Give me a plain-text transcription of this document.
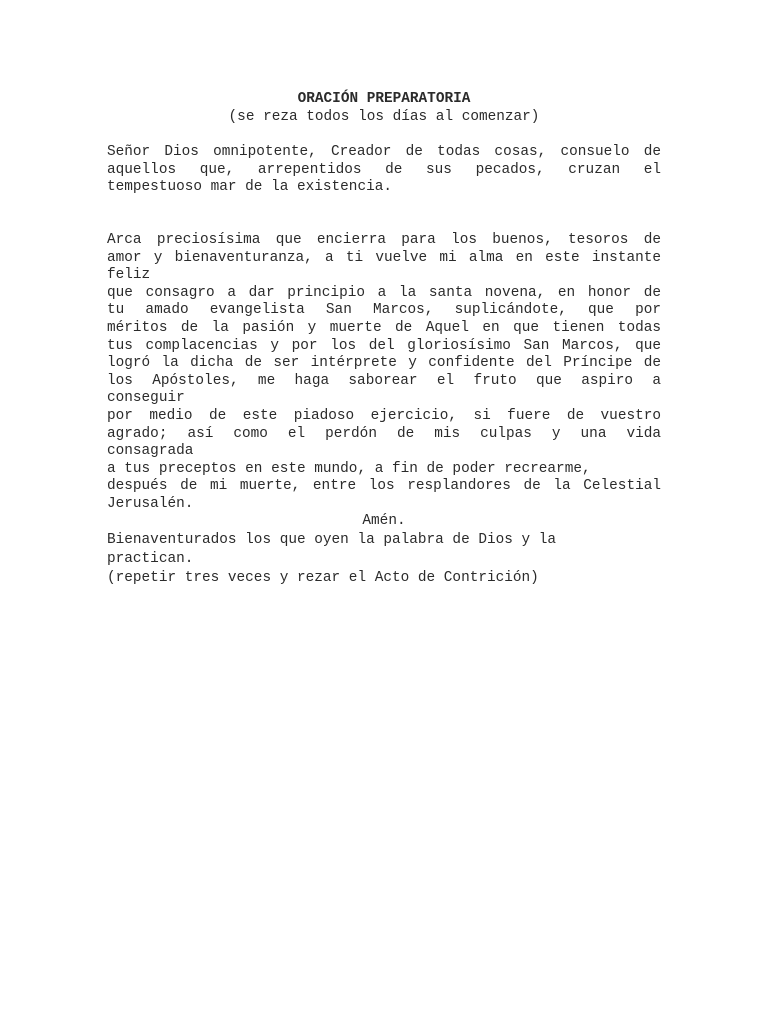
ORACIÓN PREPARATORIA

(se reza todos los días al comenzar)

Señor Dios omnipotente, Creador de todas cosas, consuelo de
aquellos que, arrepentidos de sus pecados, cruzan el
tempestuoso mar de la existencia.
Arca preciosísima que encierra para los buenos, tesoros de
amor y bienaventuranza, a ti vuelve mi alma en este instante
feliz
que consagro a dar principio a la santa novena, en honor de
tu amado evangelista San Marcos, suplicándote, que por
méritos de la pasión y muerte de Aquel en que tienen todas
tus complacencias y por los del gloriosísimo San Marcos, que
logró la dicha de ser intérprete y confidente del Príncipe de
los Apóstoles, me haga saborear el fruto que aspiro a
conseguir
por medio de este piadoso ejercicio, si fuere de vuestro
agrado; así como el perdón de mis culpas y una vida
consagrada
a tus preceptos en este mundo, a fin de poder recrearme,
después de mi muerte, entre los resplandores de la Celestial
Jerusalén.
Amén.
Bienaventurados los que oyen la palabra de Dios y la
practican.
(repetir tres veces y rezar el Acto de Contrición)
